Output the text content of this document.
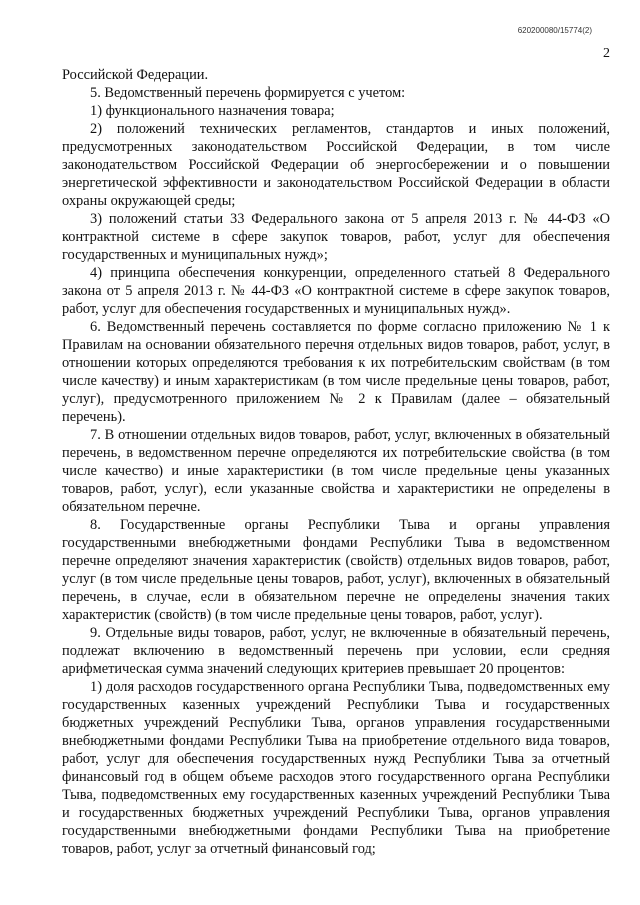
620200080/15774(2)
2

Российской Федерации.

5. Ведомственный перечень формируется с учетом:

1) функционального назначения товара;

2) положений технических регламентов, стандартов и иных положений, предусмотренных законодательством Российской Федерации, в том числе законодательством Российской Федерации об энергосбережении и о повышении энергетической эффективности и законодательством Российской Федерации в области охраны окружающей среды;

3) положений статьи 33 Федерального закона от 5 апреля 2013 г. № 44-ФЗ «О контрактной системе в сфере закупок товаров, работ, услуг для обеспечения государственных и муниципальных нужд»;

4) принципа обеспечения конкуренции, определенного статьей 8 Федерального закона от 5 апреля 2013 г. № 44-ФЗ «О контрактной системе в сфере закупок товаров, работ, услуг для обеспечения государственных и муниципальных нужд».

6. Ведомственный перечень составляется по форме согласно приложению № 1 к Правилам на основании обязательного перечня отдельных видов товаров, работ, услуг, в отношении которых определяются требования к их потребительским свойствам (в том числе качеству) и иным характеристикам (в том числе предельные цены товаров, работ, услуг), предусмотренного приложением № 2 к Правилам (далее – обязательный перечень).

7. В отношении отдельных видов товаров, работ, услуг, включенных в обязательный перечень, в ведомственном перечне определяются их потребительские свойства (в том числе качество) и иные характеристики (в том числе предельные цены указанных товаров, работ, услуг), если указанные свойства и характеристики не определены в обязательном перечне.

8. Государственные органы Республики Тыва и органы управления государственными внебюджетными фондами Республики Тыва в ведомственном перечне определяют значения характеристик (свойств) отдельных видов товаров, работ, услуг (в том числе предельные цены товаров, работ, услуг), включенных в обязательный перечень, в случае, если в обязательном перечне не определены значения таких характеристик (свойств) (в том числе предельные цены товаров, работ, услуг).

9. Отдельные виды товаров, работ, услуг, не включенные в обязательный перечень, подлежат включению в ведомственный перечень при условии, если средняя арифметическая сумма значений следующих критериев превышает 20 процентов:

1) доля расходов государственного органа Республики Тыва, подведомственных ему государственных казенных учреждений Республики Тыва и государственных бюджетных учреждений Республики Тыва, органов управления государственными внебюджетными фондами Республики Тыва на приобретение отдельного вида товаров, работ, услуг для обеспечения государственных нужд Республики Тыва за отчетный финансовый год в общем объеме расходов этого государственного органа Республики Тыва, подведомственных ему государственных казенных учреждений Республики Тыва и государственных бюджетных учреждений Республики Тыва, органов управления государственными внебюджетными фондами Республики Тыва на приобретение товаров, работ, услуг за отчетный финансовый год;
